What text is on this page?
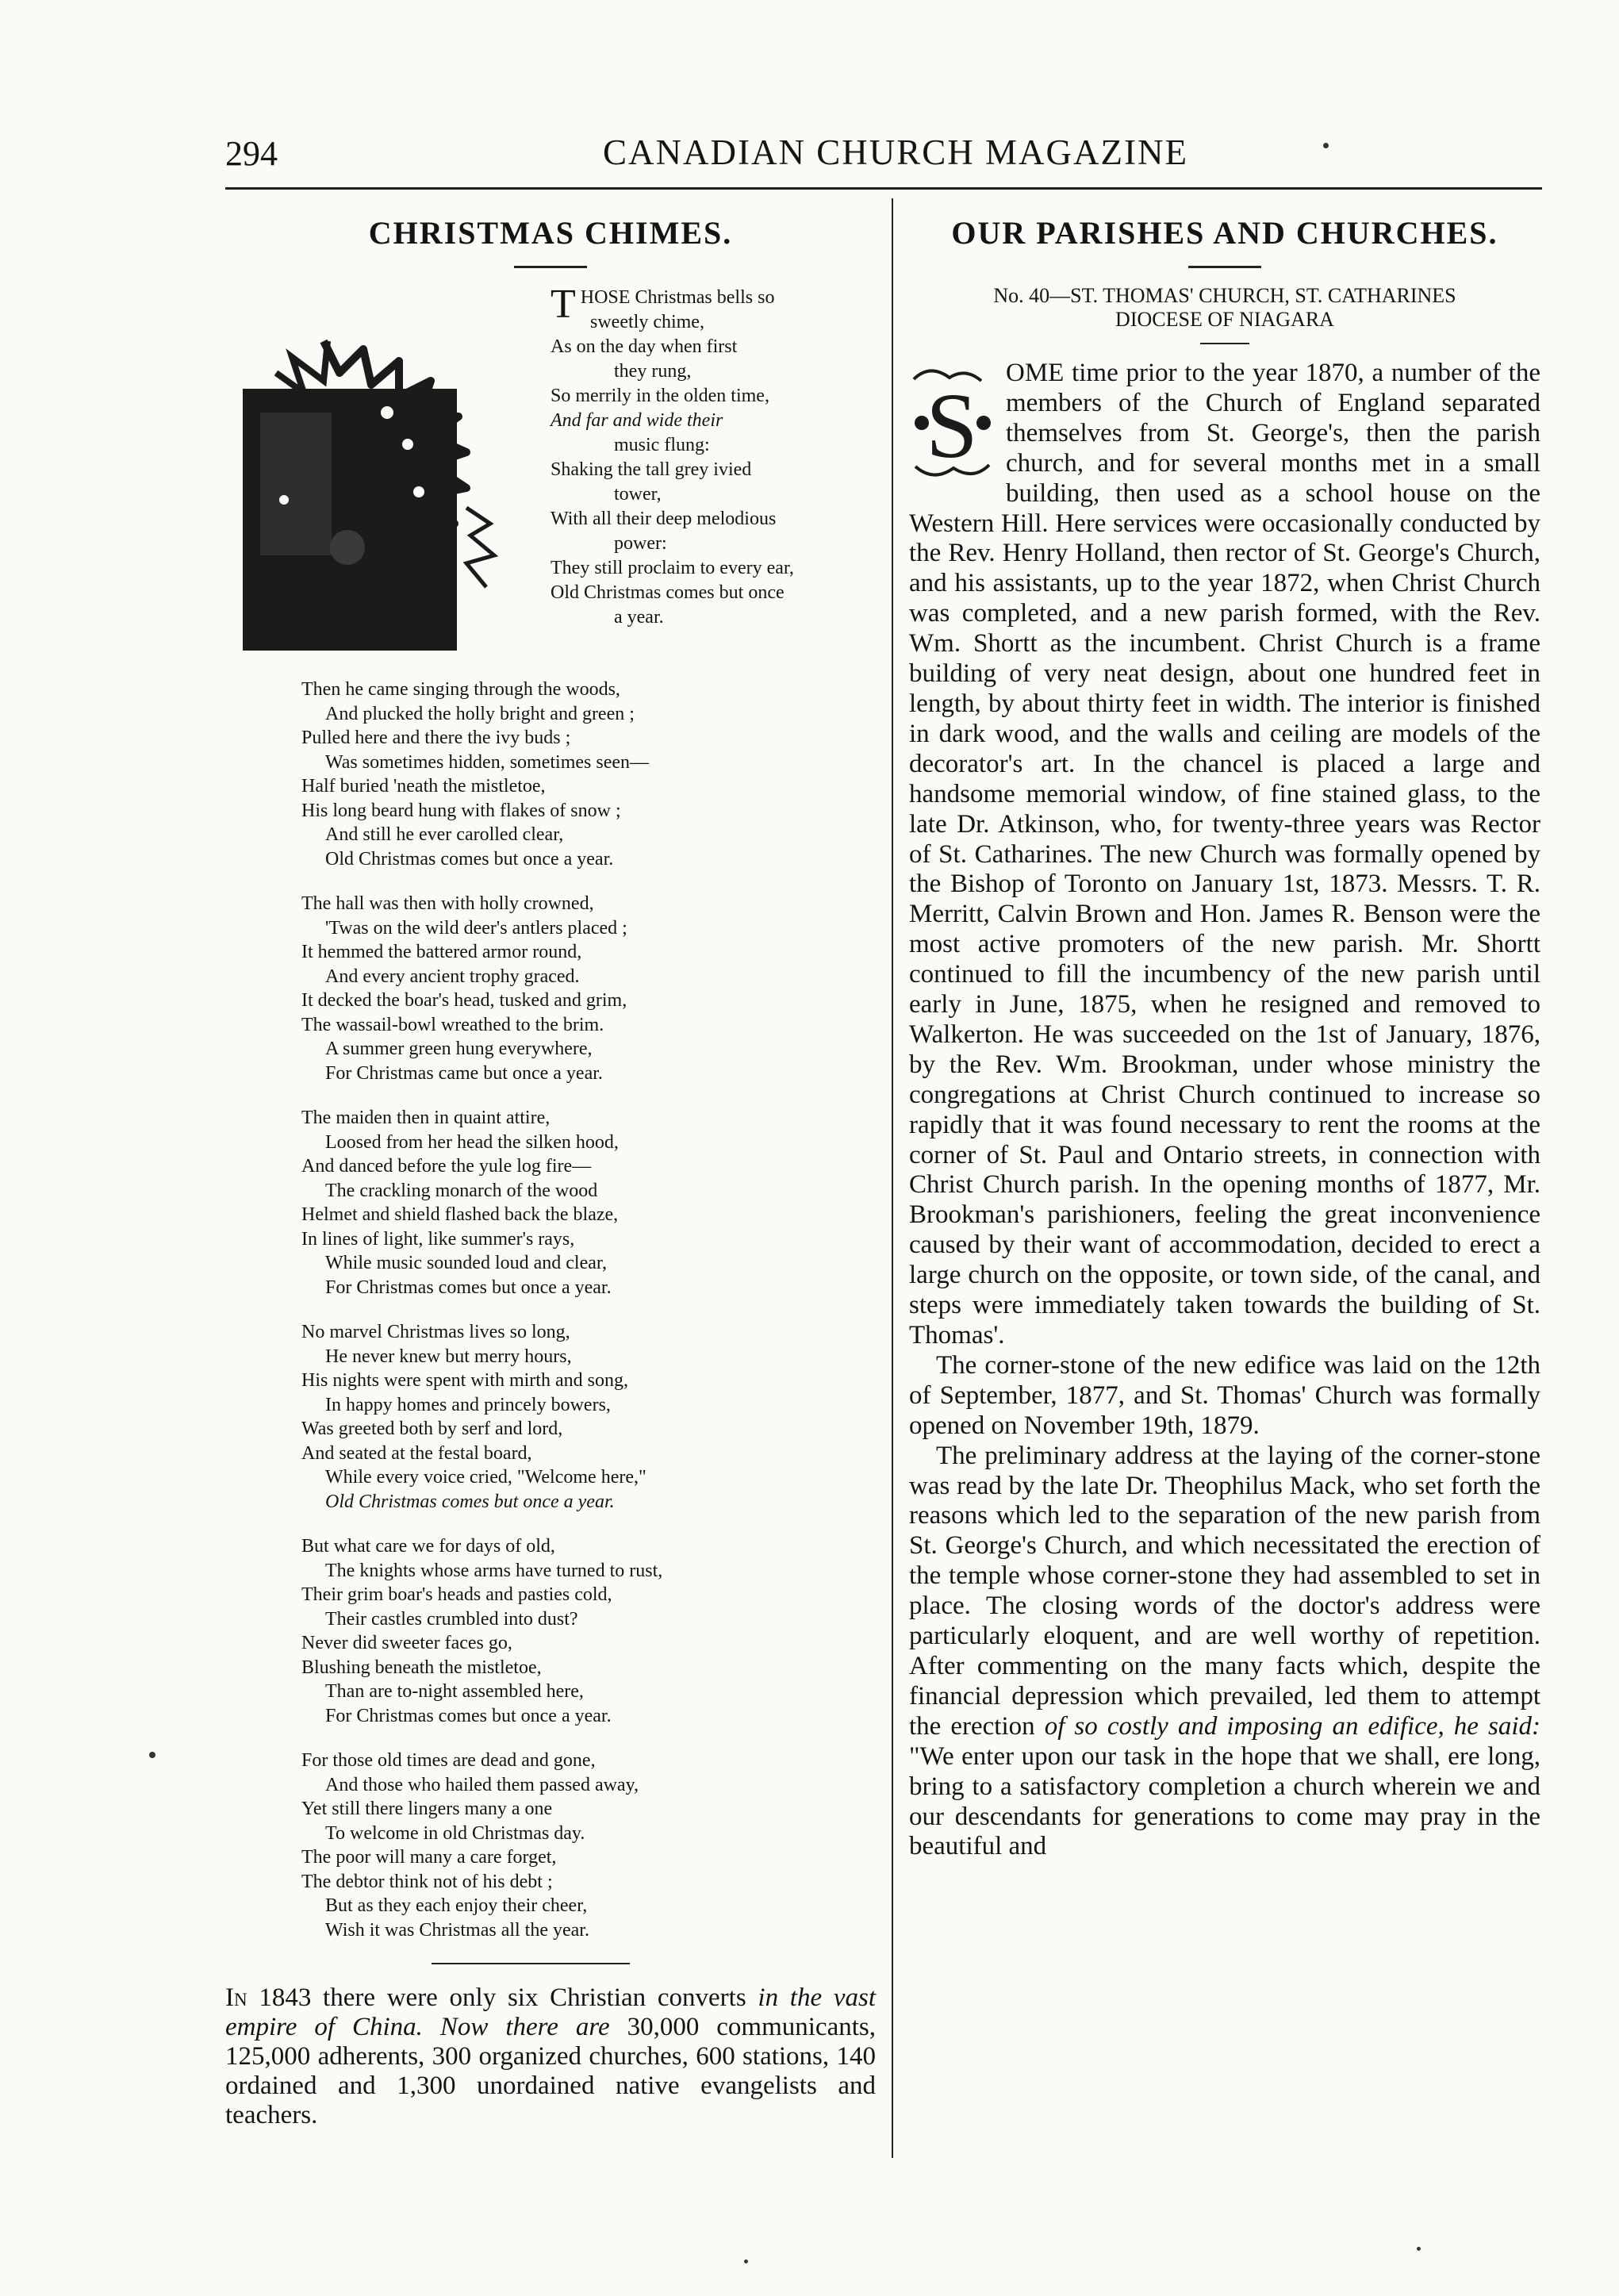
294	CANADIAN CHURCH MAGAZINE
CHRISTMAS CHIMES.
THOSE Christmas bells so
sweetly chime,
As on the day when first
they rung,
So merrily in the olden time,
And far and wide their
music flung:
Shaking the tall grey ivied
tower,
With all their deep melodious
power:
They still proclaim to every ear,
Old Christmas comes but once
a year.
Then he came singing through the woods,
And plucked the holly bright and green ;
Pulled here and there the ivy buds ;
Was sometimes hidden, sometimes seen—
Half buried 'neath the mistletoe,
His long beard hung with flakes of snow ;
And still he ever carolled clear,
Old Christmas comes but once a year.
The hall was then with holly crowned,
'Twas on the wild deer's antlers placed ;
It hemmed the battered armor round,
And every ancient trophy graced.
It decked the boar's head, tusked and grim,
The wassail-bowl wreathed to the brim.
A summer green hung everywhere,
For Christmas came but once a year.
The maiden then in quaint attire,
Loosed from her head the silken hood,
And danced before the yule log fire—
The crackling monarch of the wood
Helmet and shield flashed back the blaze,
In lines of light, like summer's rays,
While music sounded loud and clear,
For Christmas comes but once a year.
No marvel Christmas lives so long,
He never knew but merry hours,
His nights were spent with mirth and song,
In happy homes and princely bowers,
Was greeted both by serf and lord,
And seated at the festal board,
While every voice cried, "Welcome here,"
Old Christmas comes but once a year.
But what care we for days of old,
The knights whose arms have turned to rust,
Their grim boar's heads and pasties cold,
Their castles crumbled into dust?
Never did sweeter faces go,
Blushing beneath the mistletoe,
Than are to-night assembled here,
For Christmas comes but once a year.
For those old times are dead and gone,
And those who hailed them passed away,
Yet still there lingers many a one
To welcome in old Christmas day.
The poor will many a care forget,
The debtor think not of his debt ;
But as they each enjoy their cheer,
Wish it was Christmas all the year.

In 1843 there were only six Christian converts in the vast empire of China. Now there are 30,000 communicants, 125,000 adherents, 300 organized churches, 600 stations, 140 ordained and 1,300 unordained native evangelists and teachers.

OUR PARISHES AND CHURCHES.
No. 40—ST. THOMAS' CHURCH, ST. CATHARINES
DIOCESE OF NIAGARA

S
OME time prior to the year 1870, a number of the members of the Church of England separated themselves from St. George's, then the parish church, and for several months met in a small building, then used as a school house on the Western Hill. Here services were occasionally conducted by the Rev. Henry Holland, then rector of St. George's Church, and his assistants, up to the year 1872, when Christ Church was completed, and a new parish formed, with the Rev. Wm. Shortt as the incumbent. Christ Church is a frame building of very neat design, about one hundred feet in length, by about thirty feet in width. The interior is finished in dark wood, and the walls and ceiling are models of the decorator's art. In the chancel is placed a large and handsome memorial window, of fine stained glass, to the late Dr. Atkinson, who, for twenty-three years was Rector of St. Catharines. The new Church was formally opened by the Bishop of Toronto on January 1st, 1873. Messrs. T. R. Merritt, Calvin Brown and Hon. James R. Benson were the most active promoters of the new parish. Mr. Shortt continued to fill the incumbency of the new parish until early in June, 1875, when he resigned and removed to Walkerton. He was succeeded on the 1st of January, 1876, by the Rev. Wm. Brookman, under whose ministry the congregations at Christ Church continued to increase so rapidly that it was found necessary to rent the rooms at the corner of St. Paul and Ontario streets, in connection with Christ Church parish. In the opening months of 1877, Mr. Brookman's parishioners, feeling the great inconvenience caused by their want of accommodation, decided to erect a large church on the opposite, or town side, of the canal, and steps were immediately taken towards the building of St. Thomas'.

The corner-stone of the new edifice was laid on the 12th of September, 1877, and St. Thomas' Church was formally opened on November 19th, 1879.

The preliminary address at the laying of the corner-stone was read by the late Dr. Theophilus Mack, who set forth the reasons which led to the separation of the new parish from St. George's Church, and which necessitated the erection of the temple whose corner-stone they had assembled to set in place. The closing words of the doctor's address were particularly eloquent, and are well worthy of repetition. After commenting on the many facts which, despite the financial depression which prevailed, led them to attempt the erection of so costly and imposing an edifice, he said: "We enter upon our task in the hope that we shall, ere long, bring to a satisfactory completion a church wherein we and our descendants for generations to come may pray in the beautiful and
